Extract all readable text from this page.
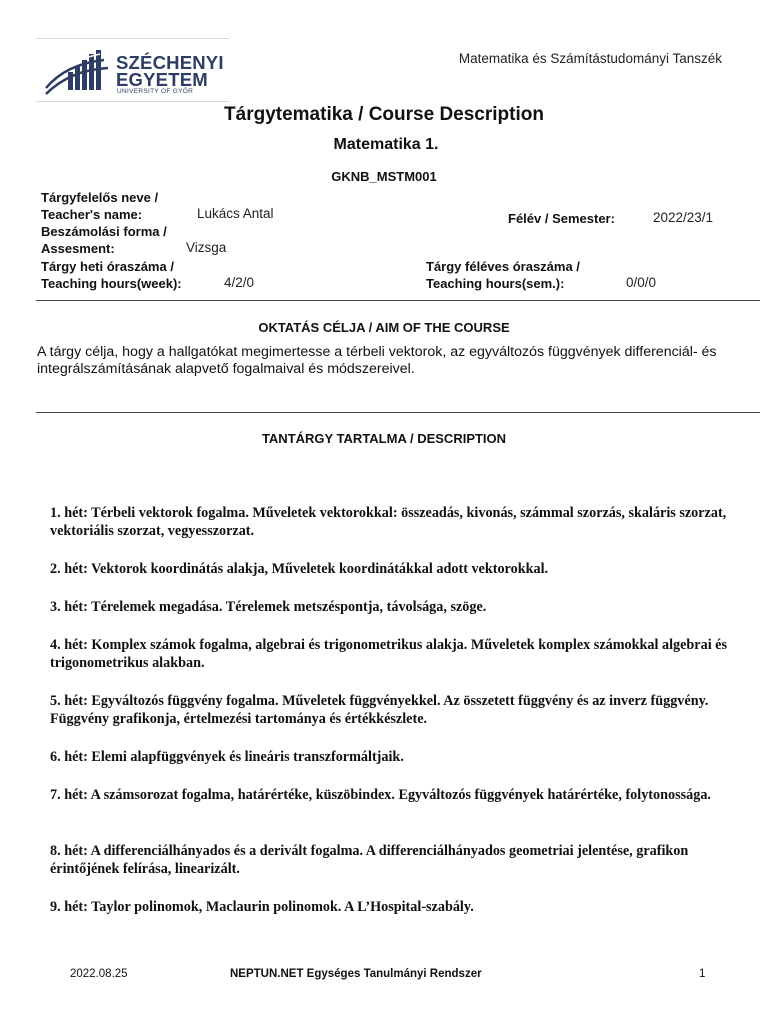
SZÉCHENYI
EGYETEM
UNIVERSITY OF GYŐR
Matematika és Számítástudományi Tanszék
Tárgytematika / Course Description
Matematika 1.
GKNB_MSTM001
Tárgyfelelős neve /
Teacher's name:	Lukács Antal	Félév / Semester:	2022/23/1
Beszámolási forma /
Assesment:	Vizsga
Tárgy heti óraszáma /
Teaching hours(week):	4/2/0
Tárgy féléves óraszáma /
Teaching hours(sem.):	0/0/0
OKTATÁS CÉLJA / AIM OF THE COURSE
A tárgy célja, hogy a hallgatókat megimertesse a térbeli vektorok, az egyváltozós függvények differenciál- és integrálszámításának alapvető fogalmaival és módszereivel.
TANTÁRGY TARTALMA / DESCRIPTION
1. hét: Térbeli vektorok fogalma. Műveletek vektorokkal: összeadás, kivonás, számmal szorzás, skaláris szorzat, vektoriális szorzat, vegyesszorzat.
2. hét: Vektorok koordinátás alakja, Műveletek koordinátákkal adott vektorokkal.
3. hét: Térelemek megadása. Térelemek metszéspontja, távolsága, szöge.
4. hét: Komplex számok fogalma, algebrai és trigonometrikus alakja. Műveletek komplex számokkal algebrai és trigonometrikus alakban.
5. hét: Egyváltozós függvény fogalma. Műveletek függvényekkel. Az összetett függvény és az inverz függvény. Függvény grafikonja, értelmezési tartománya és értékkészlete.
6. hét: Elemi alapfüggvények és lineáris transzformáltjaik.
7. hét: A számsorozat fogalma, határértéke, küszöbindex. Egyváltozós függvények határértéke, folytonossága.
8. hét: A differenciálhányados és a derivált fogalma. A differenciálhányados geometriai jelentése, grafikon érintőjének felírása, linearizált.
9. hét: Taylor polinomok, Maclaurin polinomok. A L’Hospital-szabály.
2022.08.25	NEPTUN.NET Egységes Tanulmányi Rendszer	1
